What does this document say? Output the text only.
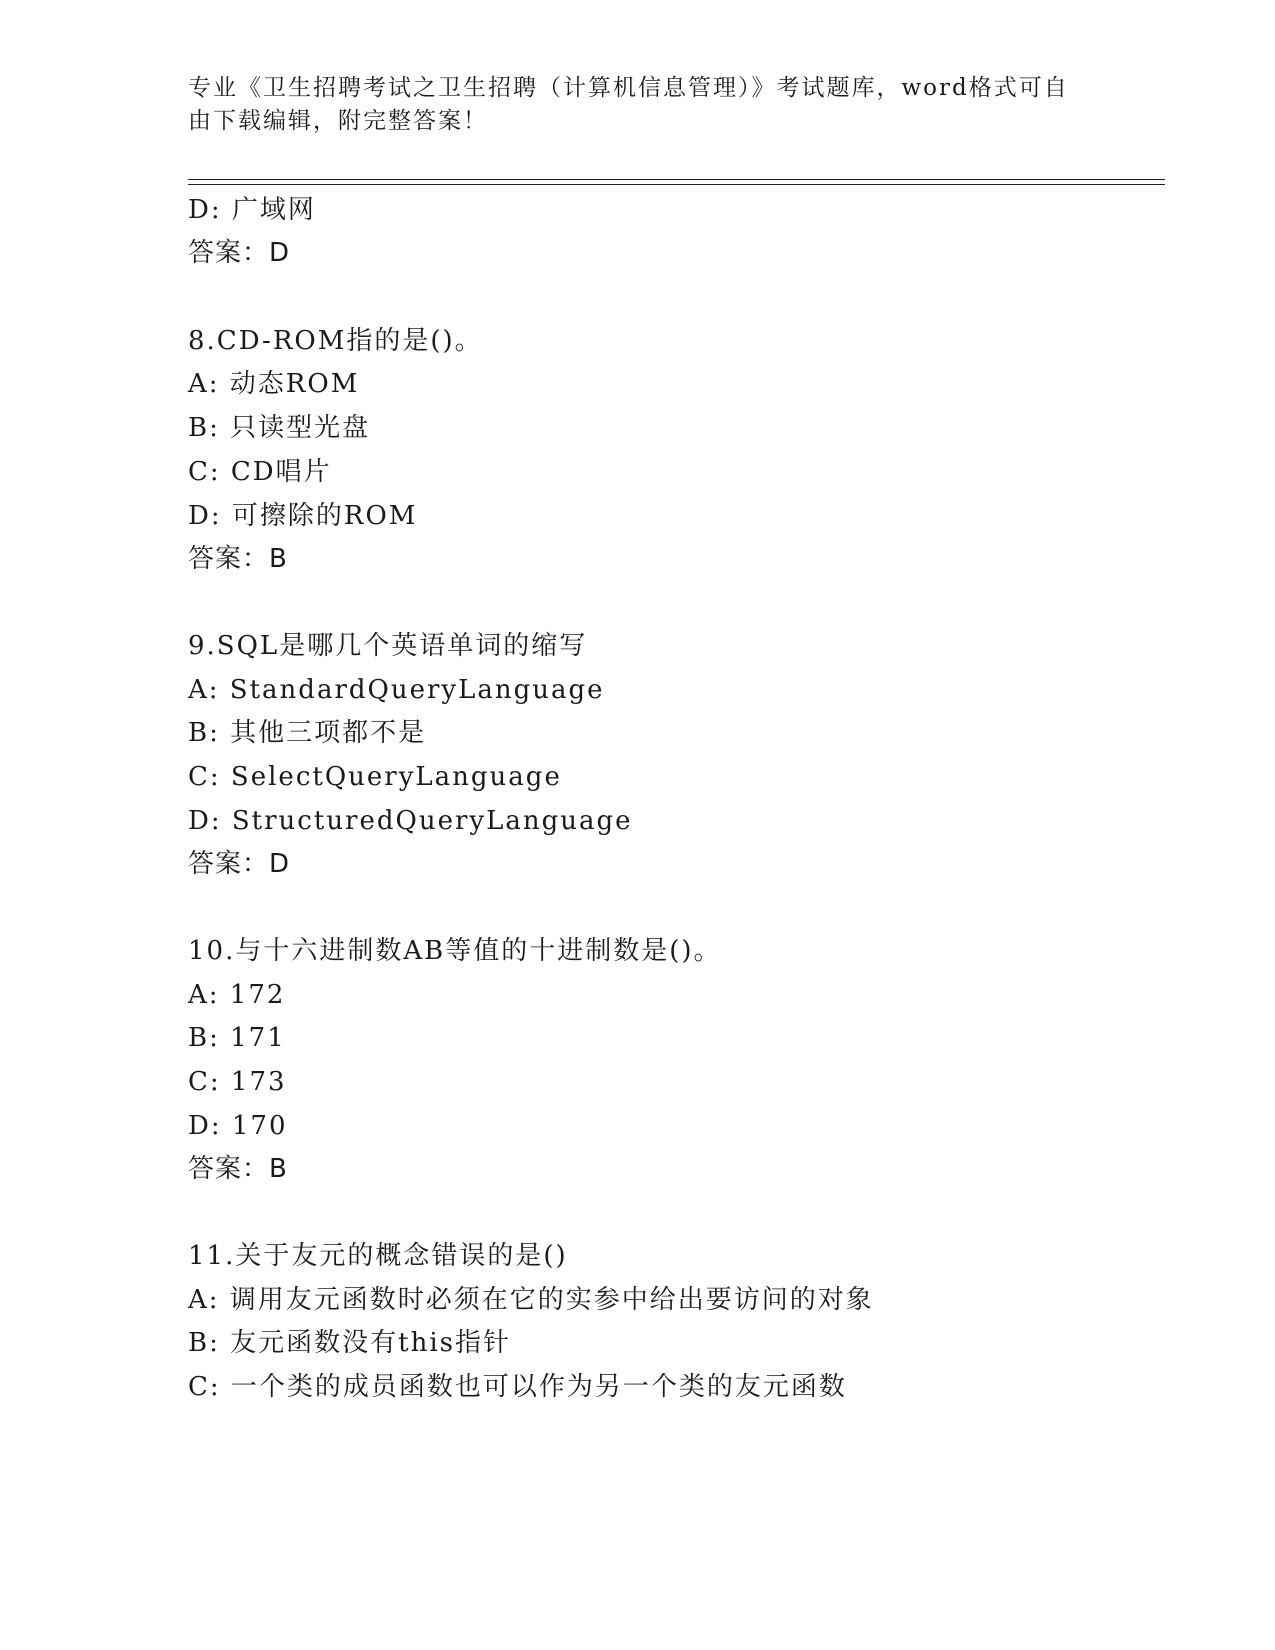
专业《卫生招聘考试之卫生招聘（计算机信息管理）》考试题库，word格式可自
由下载编辑，附完整答案！
D: 广域网
答案：D
8.CD-ROM指的是()。
A: 动态ROM
B: 只读型光盘
C: CD唱片
D: 可擦除的ROM
答案：B
9.SQL是哪几个英语单词的缩写
A: StandardQueryLanguage
B: 其他三项都不是
C: SelectQueryLanguage
D: StructuredQueryLanguage
答案：D
10.与十六进制数AB等值的十进制数是()。
A: 172
B: 171
C: 173
D: 170
答案：B
11.关于友元的概念错误的是()
A: 调用友元函数时必须在它的实参中给出要访问的对象
B: 友元函数没有this指针
C: 一个类的成员函数也可以作为另一个类的友元函数
